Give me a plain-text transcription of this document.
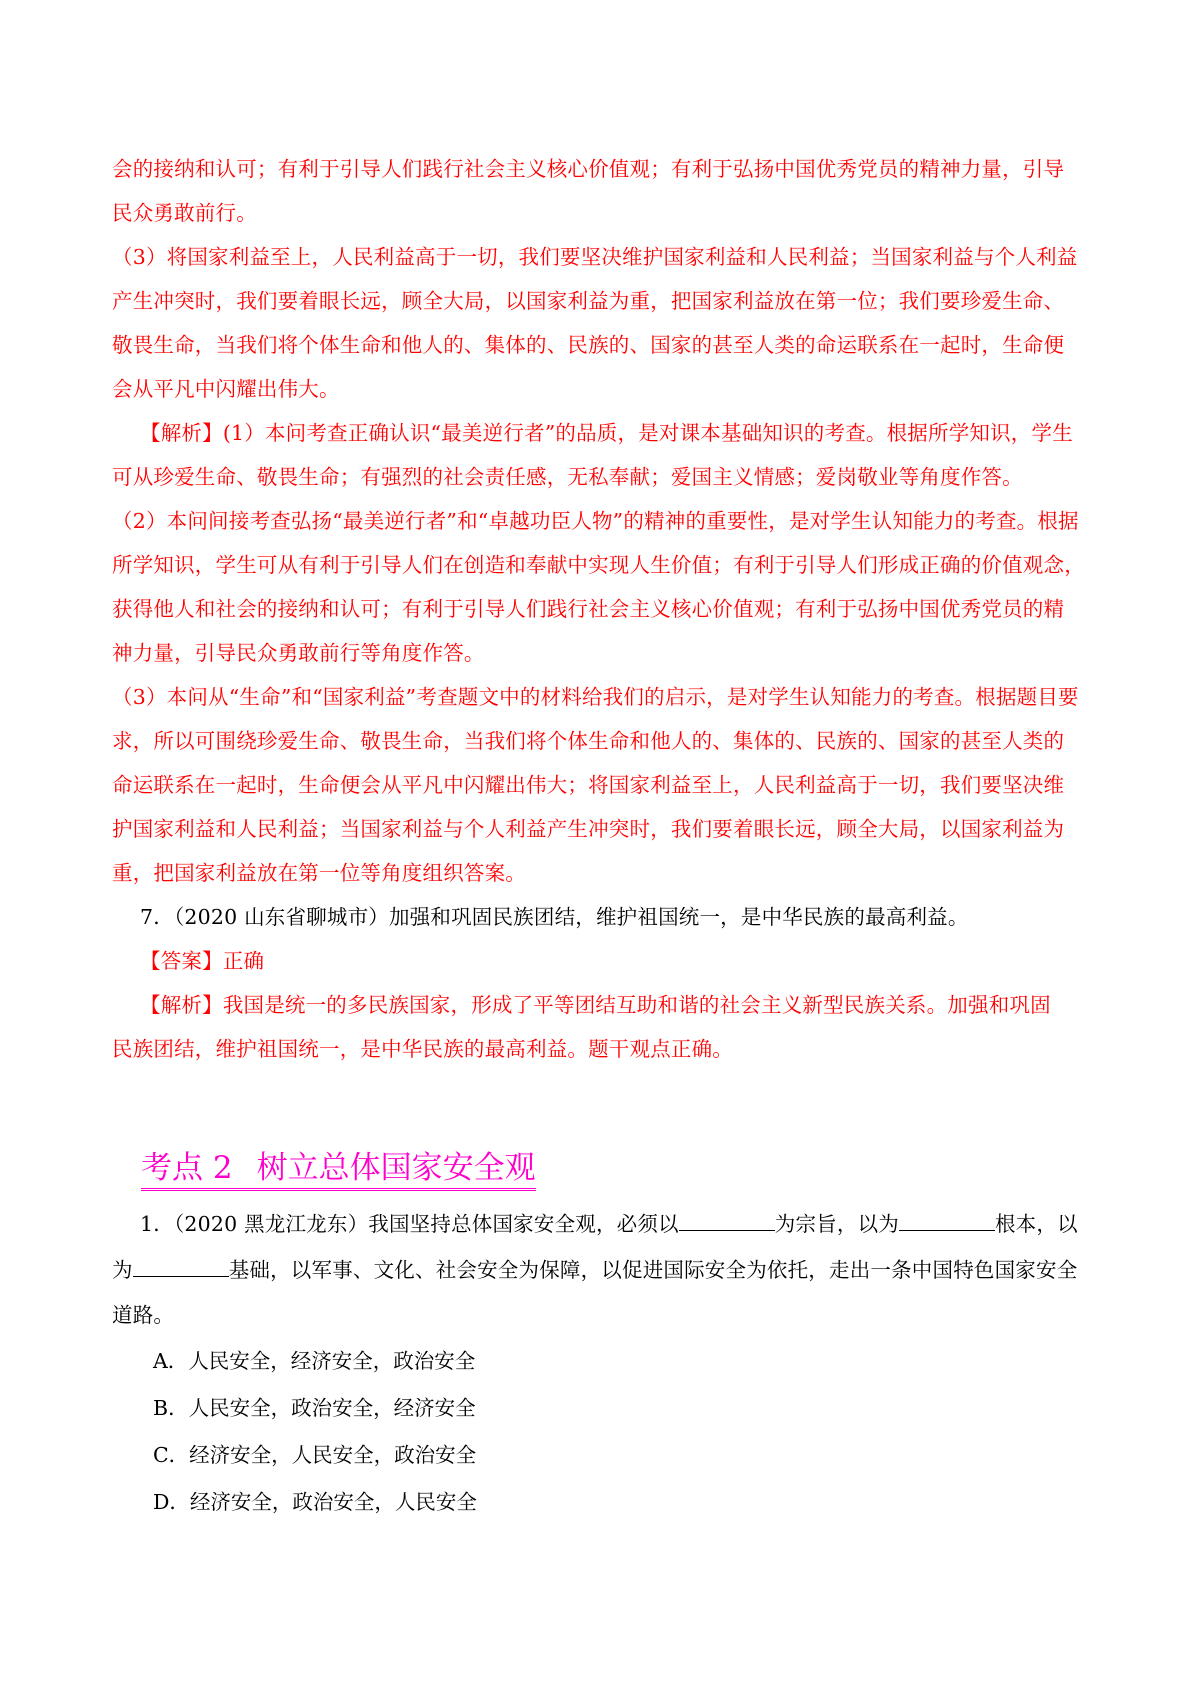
会的接纳和认可；有利于引导人们践行社会主义核心价值观；有利于弘扬中国优秀党员的精神力量，引导
民众勇敢前行。
（3）将国家利益至上，人民利益高于一切，我们要坚决维护国家利益和人民利益；当国家利益与个人利益
产生冲突时，我们要着眼长远，顾全大局，以国家利益为重，把国家利益放在第一位；我们要珍爱生命、
敬畏生命，当我们将个体生命和他人的、集体的、民族的、国家的甚至人类的命运联系在一起时，生命便
会从平凡中闪耀出伟大。
【解析】(1）本问考查正确认识“最美逆行者”的品质，是对课本基础知识的考查。根据所学知识，学生
可从珍爱生命、敬畏生命；有强烈的社会责任感，无私奉献；爱国主义情感；爱岗敬业等角度作答。
（2）本问间接考查弘扬“最美逆行者”和“卓越功臣人物”的精神的重要性，是对学生认知能力的考查。根据
所学知识，学生可从有利于引导人们在创造和奉献中实现人生价值；有利于引导人们形成正确的价值观念，
获得他人和社会的接纳和认可；有利于引导人们践行社会主义核心价值观；有利于弘扬中国优秀党员的精
神力量，引导民众勇敢前行等角度作答。
（3）本问从“生命”和“国家利益”考查题文中的材料给我们的启示，是对学生认知能力的考查。根据题目要
求，所以可围绕珍爱生命、敬畏生命，当我们将个体生命和他人的、集体的、民族的、国家的甚至人类的
命运联系在一起时，生命便会从平凡中闪耀出伟大；将国家利益至上，人民利益高于一切，我们要坚决维
护国家利益和人民利益；当国家利益与个人利益产生冲突时，我们要着眼长远，顾全大局，以国家利益为
重，把国家利益放在第一位等角度组织答案。
7．（2020 山东省聊城市）加强和巩固民族团结，维护祖国统一，是中华民族的最高利益。
【答案】正确
【解析】我国是统一的多民族国家，形成了平等团结互助和谐的社会主义新型民族关系。加强和巩固
民族团结，维护祖国统一，是中华民族的最高利益。题干观点正确。
考点 2 树立总体国家安全观
1．（2020 黑龙江龙东）我国坚持总体国家安全观，必须以	为宗旨，以为	根本，以
为	基础，以军事、文化、社会安全为保障，以促进国际安全为依托，走出一条中国特色国家安全
道路。
A．人民安全，经济安全，政治安全
B．人民安全，政治安全，经济安全
C．经济安全，人民安全，政治安全
D．经济安全，政治安全，人民安全
